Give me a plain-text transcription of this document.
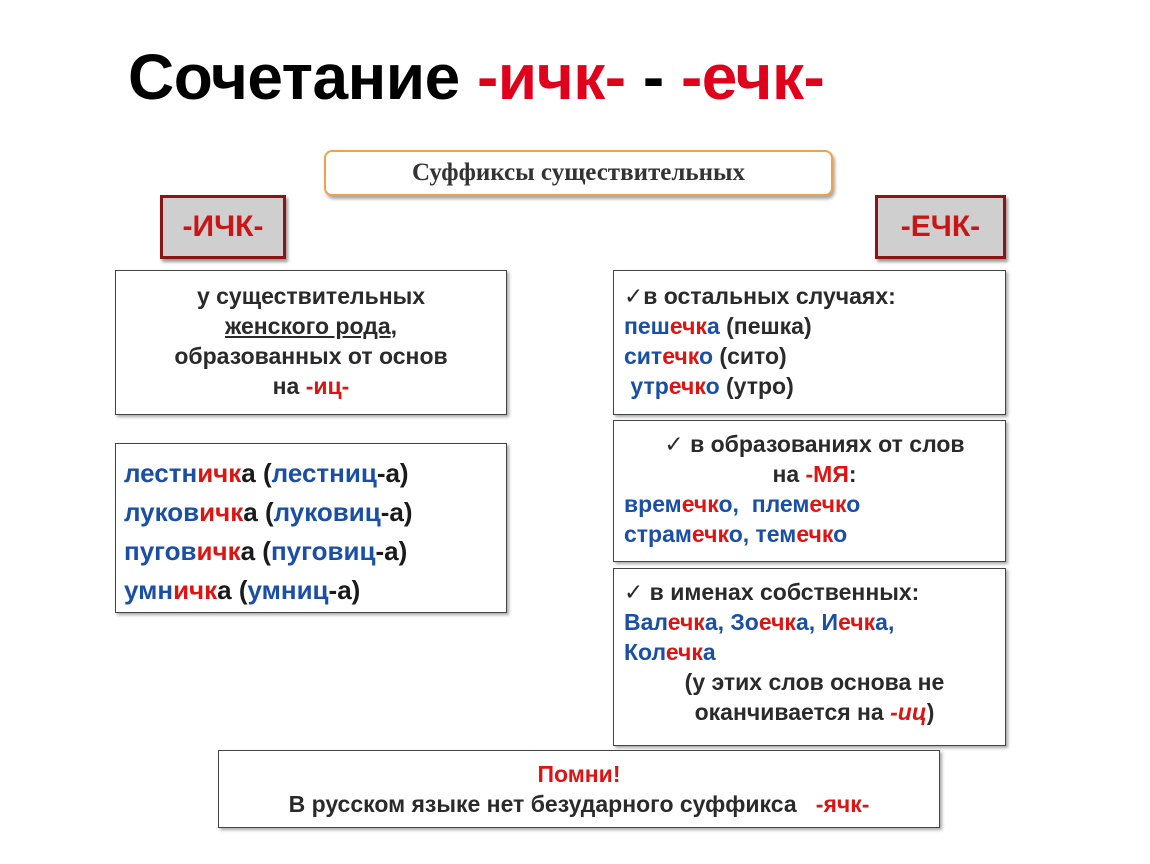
Сочетание -ичк- - -ечк-
Суффиксы существительных
-ИЧК-	-ЕЧК-
у существительных
женского рода,
образованных от основ
на -иц-
лестничка (лестниц-а)
луковичка (луковиц-а)
пуговичка (пуговиц-а)
умничка (умниц-а)
✓в остальных случаях:
пешечка (пешка)
ситечко (сито)
утречко (утро)
✓ в образованиях от слов
на -МЯ:
времечко,  племечко
страмечко, темечко
✓ в именах собственных:
Валечка, Зоечка, Иечка,
Колечка
(у этих слов основа не
оканчивается на -иц)
Помни!
В русском языке нет безударного суффикса   -ячк-
